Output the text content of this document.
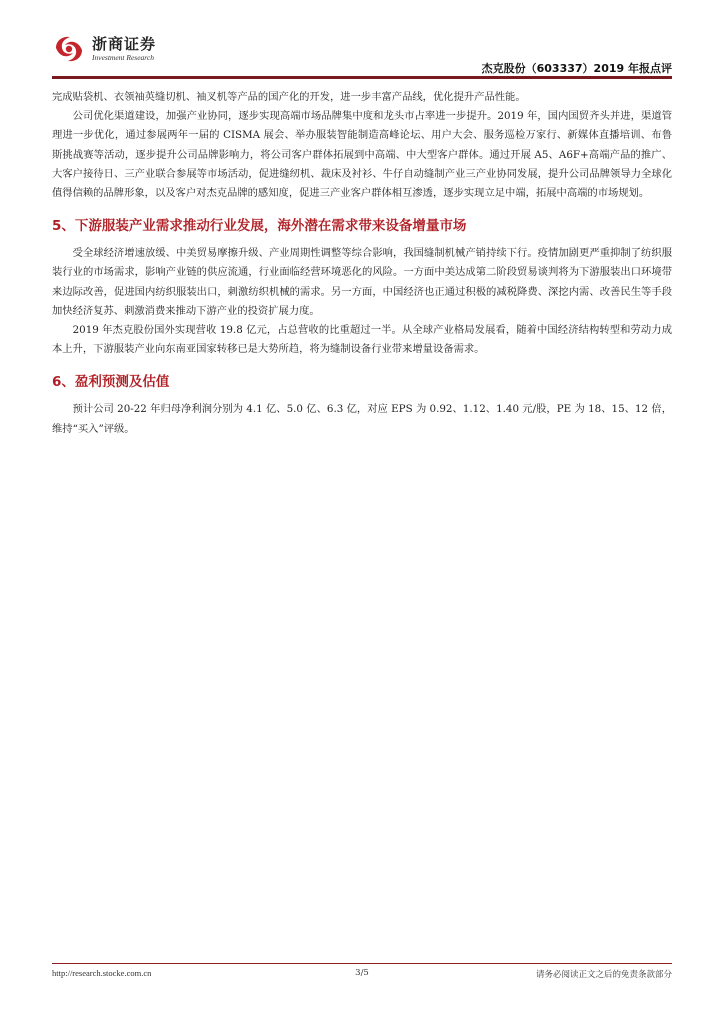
浙商证券
Investment Research
杰克股份（603337）2019 年报点评

完成贴袋机、衣领袖英缝切机、袖叉机等产品的国产化的开发，进一步丰富产品线，优化提升产品性能。

公司优化渠道建设，加强产业协同，逐步实现高端市场品牌集中度和龙头市占率进一步提升。2019 年，国内国贸齐头并进，渠道管理进一步优化，通过参展两年一届的 CISMA 展会、举办服装智能制造高峰论坛、用户大会、服务巡检万家行、新媒体直播培训、布鲁斯挑战赛等活动，逐步提升公司品牌影响力，将公司客户群体拓展到中高端、中大型客户群体。通过开展 A5、A6F+高端产品的推广、大客户接待日、三产业联合参展等市场活动，促进缝纫机、裁床及衬衫、牛仔自动缝制产业三产业协同发展，提升公司品牌领导力全球化值得信赖的品牌形象，以及客户对杰克品牌的感知度，促进三产业客户群体相互渗透，逐步实现立足中端，拓展中高端的市场规划。

5、下游服装产业需求推动行业发展，海外潜在需求带来设备增量市场

受全球经济增速放缓、中美贸易摩擦升级、产业周期性调整等综合影响，我国缝制机械产销持续下行。疫情加剧更严重抑制了纺织服装行业的市场需求，影响产业链的供应流通，行业面临经营环境恶化的风险。一方面中美达成第二阶段贸易谈判将为下游服装出口环境带来边际改善，促进国内纺织服装出口，刺激纺织机械的需求。另一方面，中国经济也正通过积极的减税降费、深挖内需、改善民生等手段加快经济复苏、刺激消费来推动下游产业的投资扩展力度。

2019 年杰克股份国外实现营收 19.8 亿元，占总营收的比重超过一半。从全球产业格局发展看，随着中国经济结构转型和劳动力成本上升，下游服装产业向东南亚国家转移已是大势所趋，将为缝制设备行业带来增量设备需求。

6、盈利预测及估值

预计公司 20-22 年归母净利润分别为 4.1 亿、5.0 亿、6.3 亿，对应 EPS 为 0.92、1.12、1.40 元/股，PE 为 18、15、12 倍，维持“买入”评级。

http://research.stocke.com.cn	3/5	请务必阅读正文之后的免责条款部分
